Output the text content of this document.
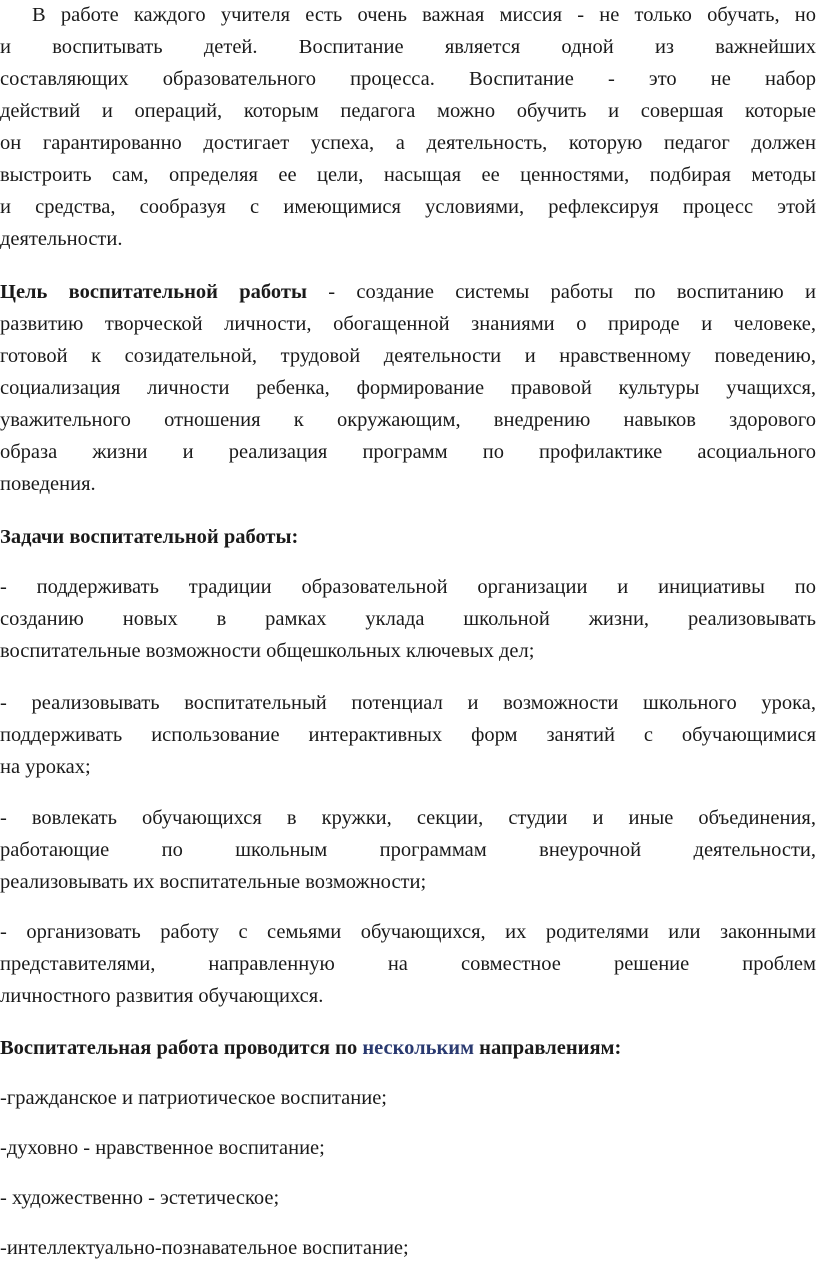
В работе каждого учителя есть очень важная миссия - не только обучать, но
и воспитывать детей. Воспитание является одной из важнейших
составляющих образовательного процесса. Воспитание - это не набор
действий и операций, которым педагога можно обучить и совершая которые
он гарантированно достигает успеха, а деятельность, которую педагог должен
выстроить сам, определяя ее цели, насыщая ее ценностями, подбирая методы
и средства, сообразуя с имеющимися условиями, рефлексируя процесс этой
деятельности.
Цель воспитательной работы - создание системы работы по воспитанию и
развитию творческой личности, обогащенной знаниями о природе и человеке,
готовой к созидательной, трудовой деятельности и нравственному поведению,
социализация личности ребенка, формирование правовой культуры учащихся,
уважительного отношения к окружающим, внедрению навыков здорового
образа жизни и реализация программ по профилактике асоциального
поведения.
Задачи воспитательной работы:
- поддерживать традиции образовательной организации и инициативы по
созданию новых в рамках уклада школьной жизни, реализовывать
воспитательные возможности общешкольных ключевых дел;
- реализовывать воспитательный потенциал и возможности школьного урока,
поддерживать использование интерактивных форм занятий с обучающимися
на уроках;
- вовлекать обучающихся в кружки, секции, студии и иные объединения,
работающие по школьным программам внеурочной деятельности,
реализовывать их воспитательные возможности;
- организовать работу с семьями обучающихся, их родителями или законными
представителями, направленную на совместное решение проблем
личностного развития обучающихся.
Воспитательная работа проводится по нескольким направлениям:
-гражданское и патриотическое воспитание;
-духовно - нравственное воспитание;
- художественно - эстетическое;
-интеллектуально-познавательное воспитание;
